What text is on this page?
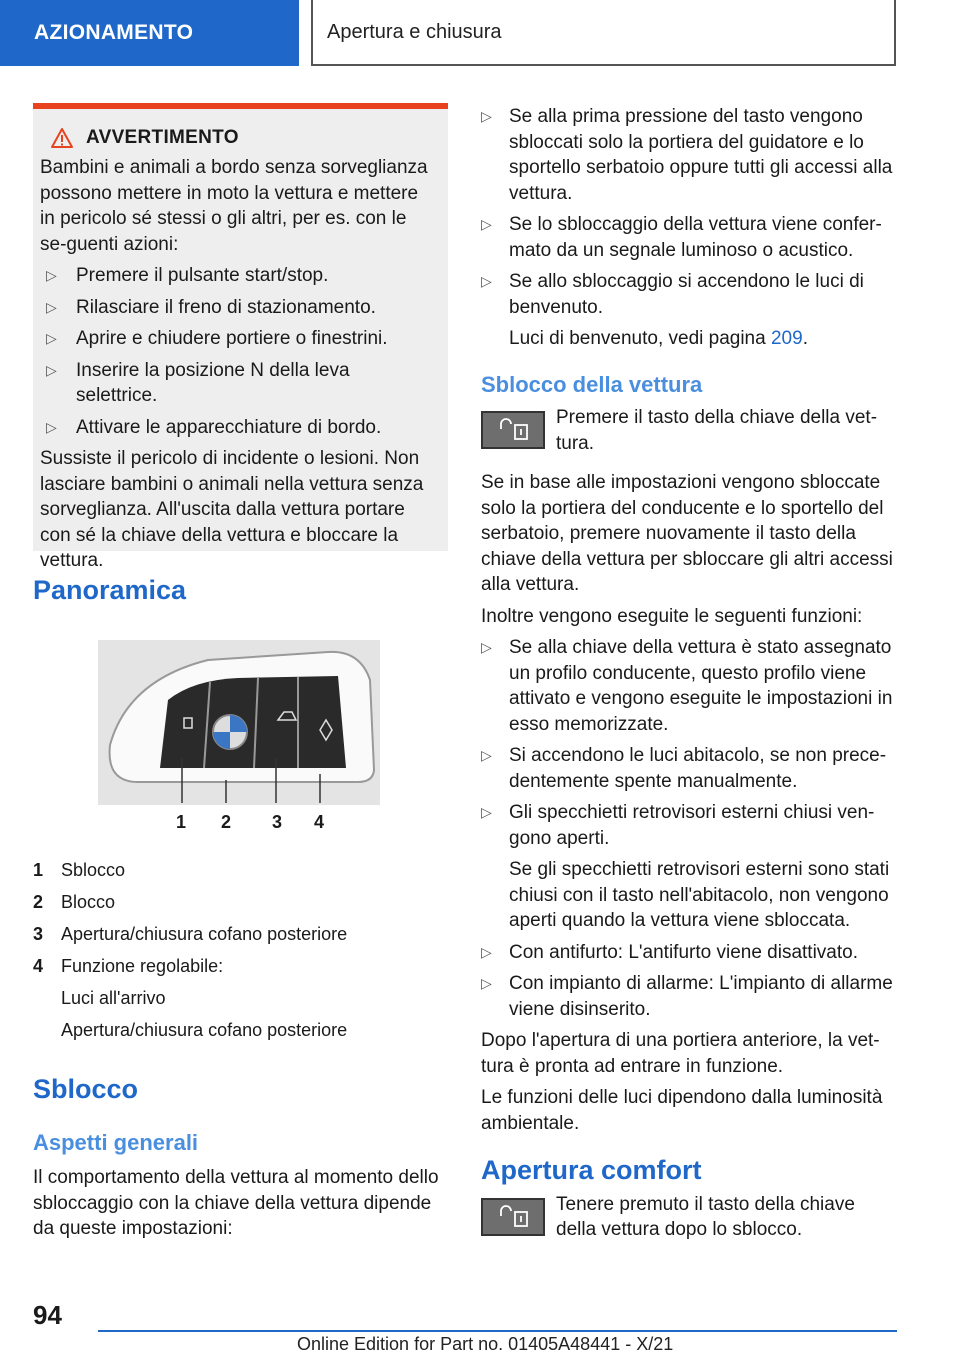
AZIONAMENTO	Apertura e chiusura
AVVERTIMENTO
Bambini e animali a bordo senza sorveglianza possono mettere in moto la vettura e mettere in pericolo sé stessi o gli altri, per es. con le se-guenti azioni:
▷	Premere il pulsante start/stop.
▷	Rilasciare il freno di stazionamento.
▷	Aprire e chiudere portiere o finestrini.
▷	Inserire la posizione N della leva selettrice.
▷	Attivare le apparecchiature di bordo.
Sussiste il pericolo di incidente o lesioni. Non lasciare bambini o animali nella vettura senza sorveglianza. All'uscita dalla vettura portare con sé la chiave della vettura e bloccare la vettura.
Panoramica
1 2 3 4
1 Sblocco
2 Blocco
3 Apertura/chiusura cofano posteriore
4 Funzione regolabile:
Luci all'arrivo
Apertura/chiusura cofano posteriore
Sblocco
Aspetti generali
Il comportamento della vettura al momento dello sbloccaggio con la chiave della vettura dipende da queste impostazioni:
▷ Se alla prima pressione del tasto vengono sbloccati solo la portiera del guidatore e lo sportello serbatoio oppure tutti gli accessi alla vettura.
▷ Se lo sbloccaggio della vettura viene confer-mato da un segnale luminoso o acustico.
▷ Se allo sbloccaggio si accendono le luci di benvenuto.
Luci di benvenuto, vedi pagina 209.
Sblocco della vettura
Premere il tasto della chiave della vet-tura.
Se in base alle impostazioni vengono sbloccate solo la portiera del conducente e lo sportello del serbatoio, premere nuovamente il tasto della chiave della vettura per sbloccare gli altri accessi alla vettura.
Inoltre vengono eseguite le seguenti funzioni:
▷ Se alla chiave della vettura è stato assegnato un profilo conducente, questo profilo viene attivato e vengono eseguite le impostazioni in esso memorizzate.
▷ Si accendono le luci abitacolo, se non prece-dentemente spente manualmente.
▷ Gli specchietti retrovisori esterni chiusi ven-gono aperti.
Se gli specchietti retrovisori esterni sono stati chiusi con il tasto nell'abitacolo, non vengono aperti quando la vettura viene sbloccata.
▷ Con antifurto: L'antifurto viene disattivato.
▷ Con impianto di allarme: L'impianto di allarme viene disinserito.
Dopo l'apertura di una portiera anteriore, la vet-tura è pronta ad entrare in funzione.
Le funzioni delle luci dipendono dalla luminosità ambientale.
Apertura comfort
Tenere premuto il tasto della chiave della vettura dopo lo sblocco.
94
Online Edition for Part no. 01405A48441 - X/21
